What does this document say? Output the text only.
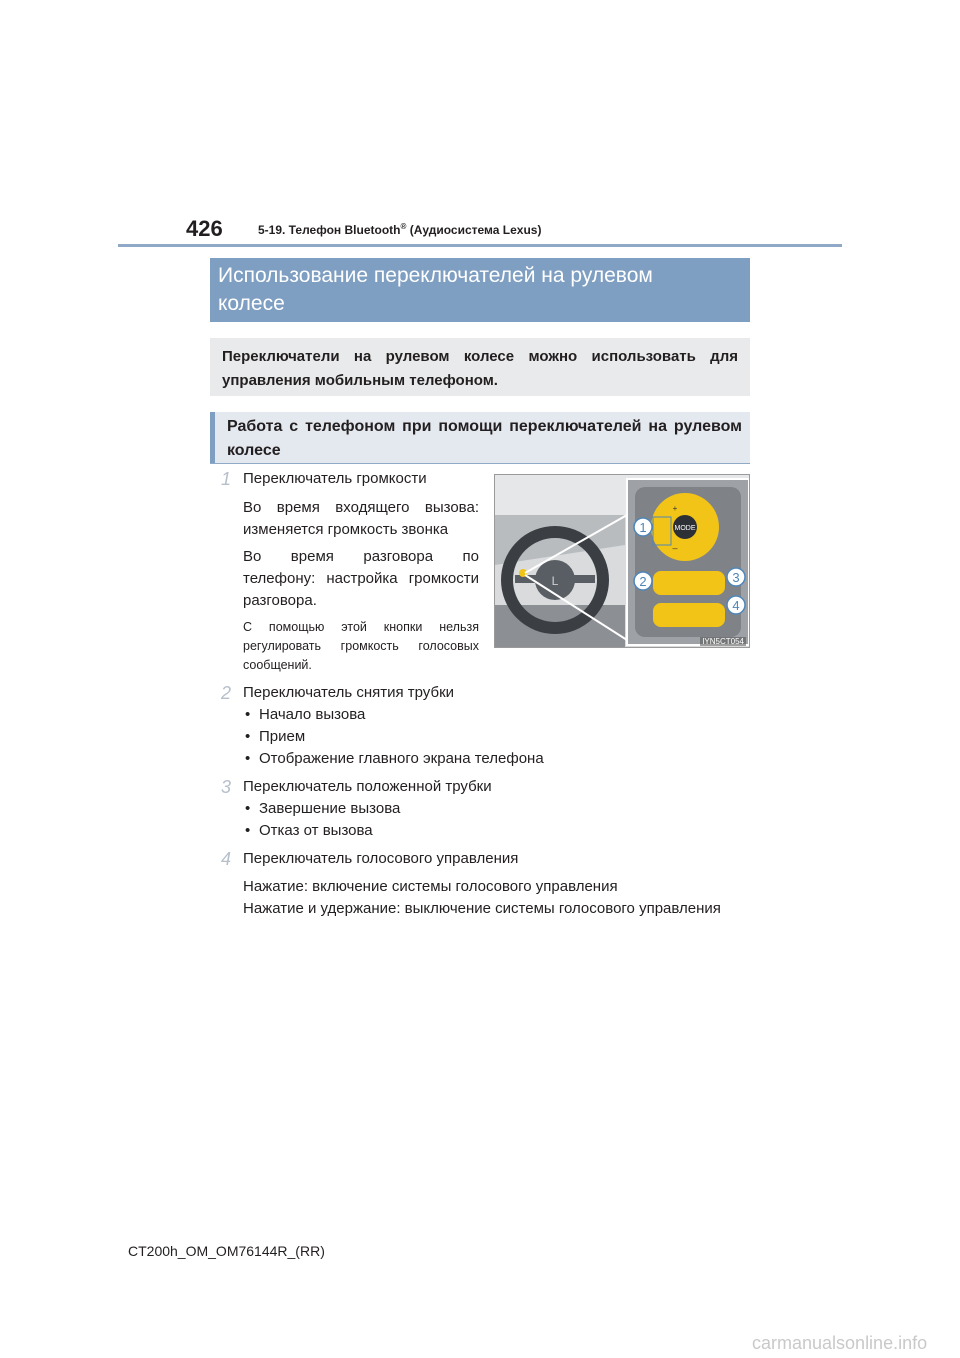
426	5-19. Телефон Bluetooth® (Аудиосистема Lexus)
Использование переключателей на рулевом
колесе
Переключатели на рулевом колесе можно использовать для управления мобильным телефоном.
Работа с телефоном при помощи переключателей на рулевом колесе
1 Переключатель громкости
Во время входящего вызова: изменяется громкость звонка
Во время разговора по телефону: настройка громкости разговора.
С помощью этой кнопки нельзя регулировать громкость голосовых сообщений.
2 Переключатель снятия трубки
• Начало вызова
• Прием
• Отображение главного экрана телефона
3 Переключатель положенной трубки
• Завершение вызова
• Отказ от вызова
4 Переключатель голосового управления
Нажатие: включение системы голосового управления
Нажатие и удержание: выключение системы голосового управления
L
MODE
+
–
1
2	3
4
IYN5CT054
CT200h_OM_OM76144R_(RR)
carmanualsonline.info
